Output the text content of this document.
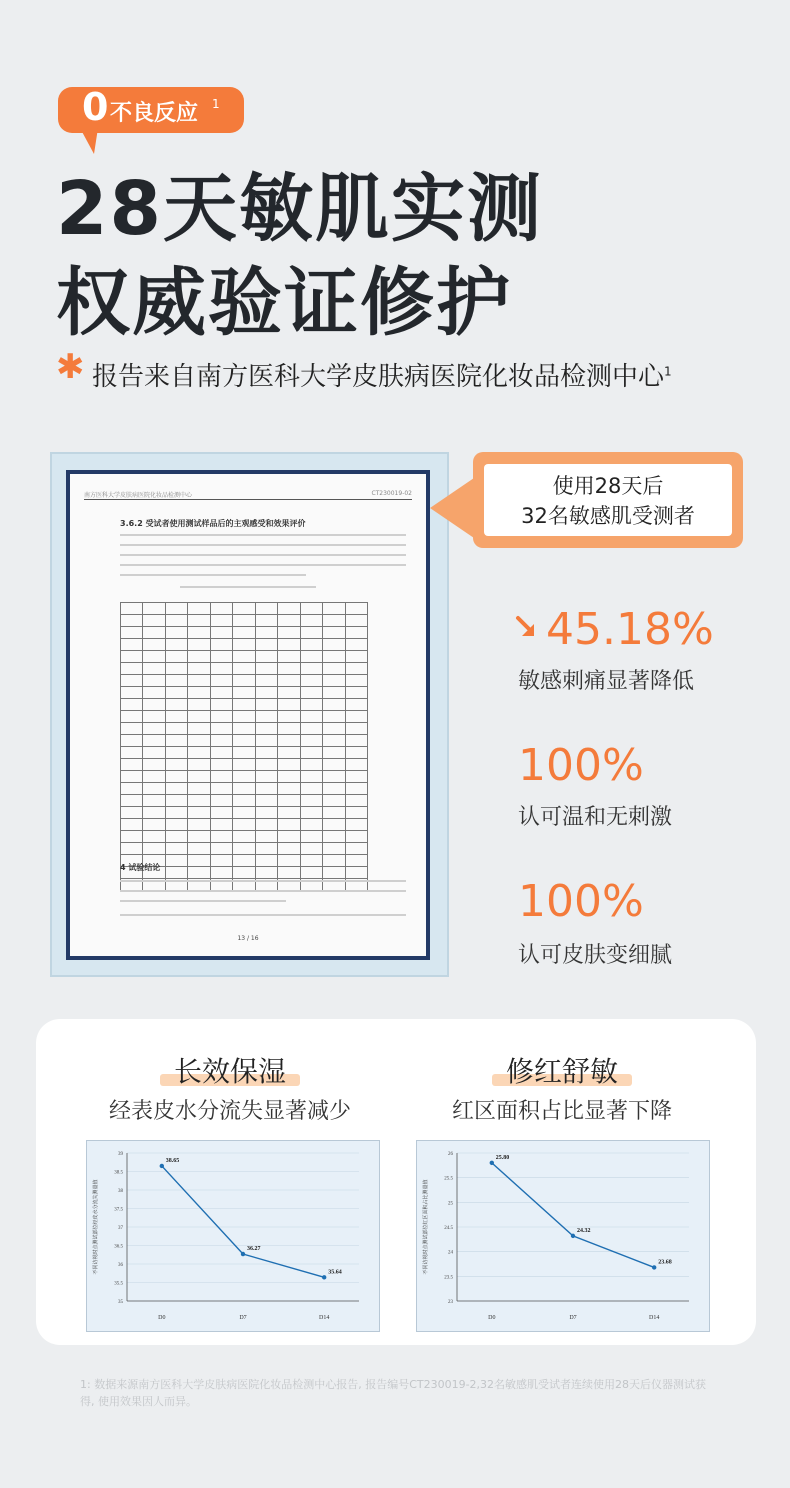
0 不良反应 1
28天敏肌实测
权威验证修护
✱ 报告来自南方医科大学皮肤病医院化妆品检测中心$^1$
南方医科大学皮肤病医院化妆品检测中心	CT230019-02
3.6.2 受试者使用测试样品后的主观感受和效果评价

4 试验结论
13 / 16
使用28天后
32名敏感肌受测者
45.18%
敏感刺痛显著降低
100%
认可温和无刺激
100%
认可皮肤变细腻
长效保湿
经表皮水分流失显著减少
修红舒敏
红区面积占比显著下降
35
35.5
36
36.5
37
37.5
38
38.5
39
不同访视时点测试部位经皮水分流失测量值
D0	D7	D14
38.65
36.27
35.64
23
23.5
24
24.5
25
25.5
26
不同访视时点测试部位红区面积占比测量值
D0	D7	D14
25.80
24.32
23.68
1: 数据来源南方医科大学皮肤病医院化妆品检测中心报告, 报告编号CT230019-2,32名敏感肌受试者连续使用28天后仪器测试获得, 使用效果因人而异。
